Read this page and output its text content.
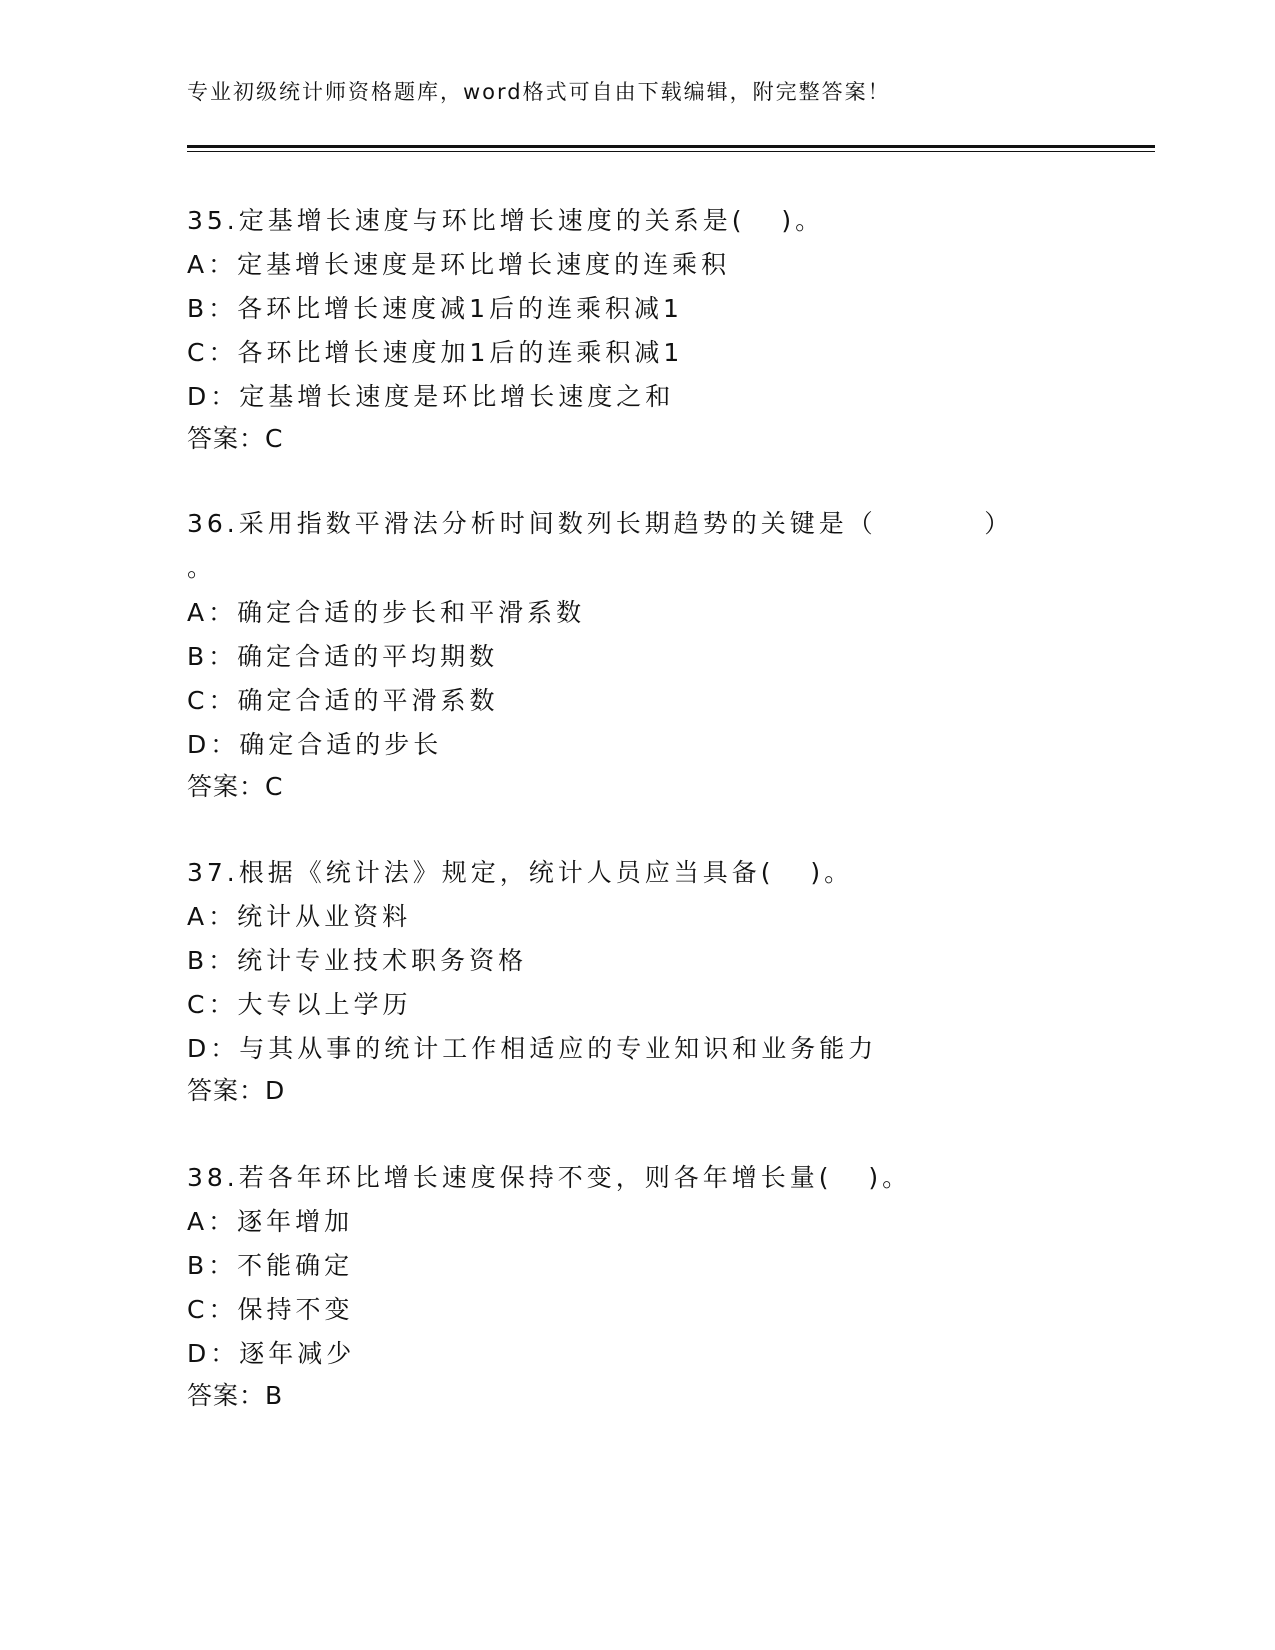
专业初级统计师资格题库，word格式可自由下载编辑，附完整答案！
35.定基增长速度与环比增长速度的关系是(   )。
A：定基增长速度是环比增长速度的连乘积
B：各环比增长速度减1后的连乘积减1
C：各环比增长速度加1后的连乘积减1
D：定基增长速度是环比增长速度之和
答案：C
36.采用指数平滑法分析时间数列长期趋势的关键是（         ）
。
A：确定合适的步长和平滑系数
B：确定合适的平均期数
C：确定合适的平滑系数
D：确定合适的步长
答案：C
37.根据《统计法》规定，统计人员应当具备(   )。
A：统计从业资料
B：统计专业技术职务资格
C：大专以上学历
D：与其从事的统计工作相适应的专业知识和业务能力
答案：D
38.若各年环比增长速度保持不变，则各年增长量(   )。
A：逐年增加
B：不能确定
C：保持不变
D：逐年减少
答案：B
